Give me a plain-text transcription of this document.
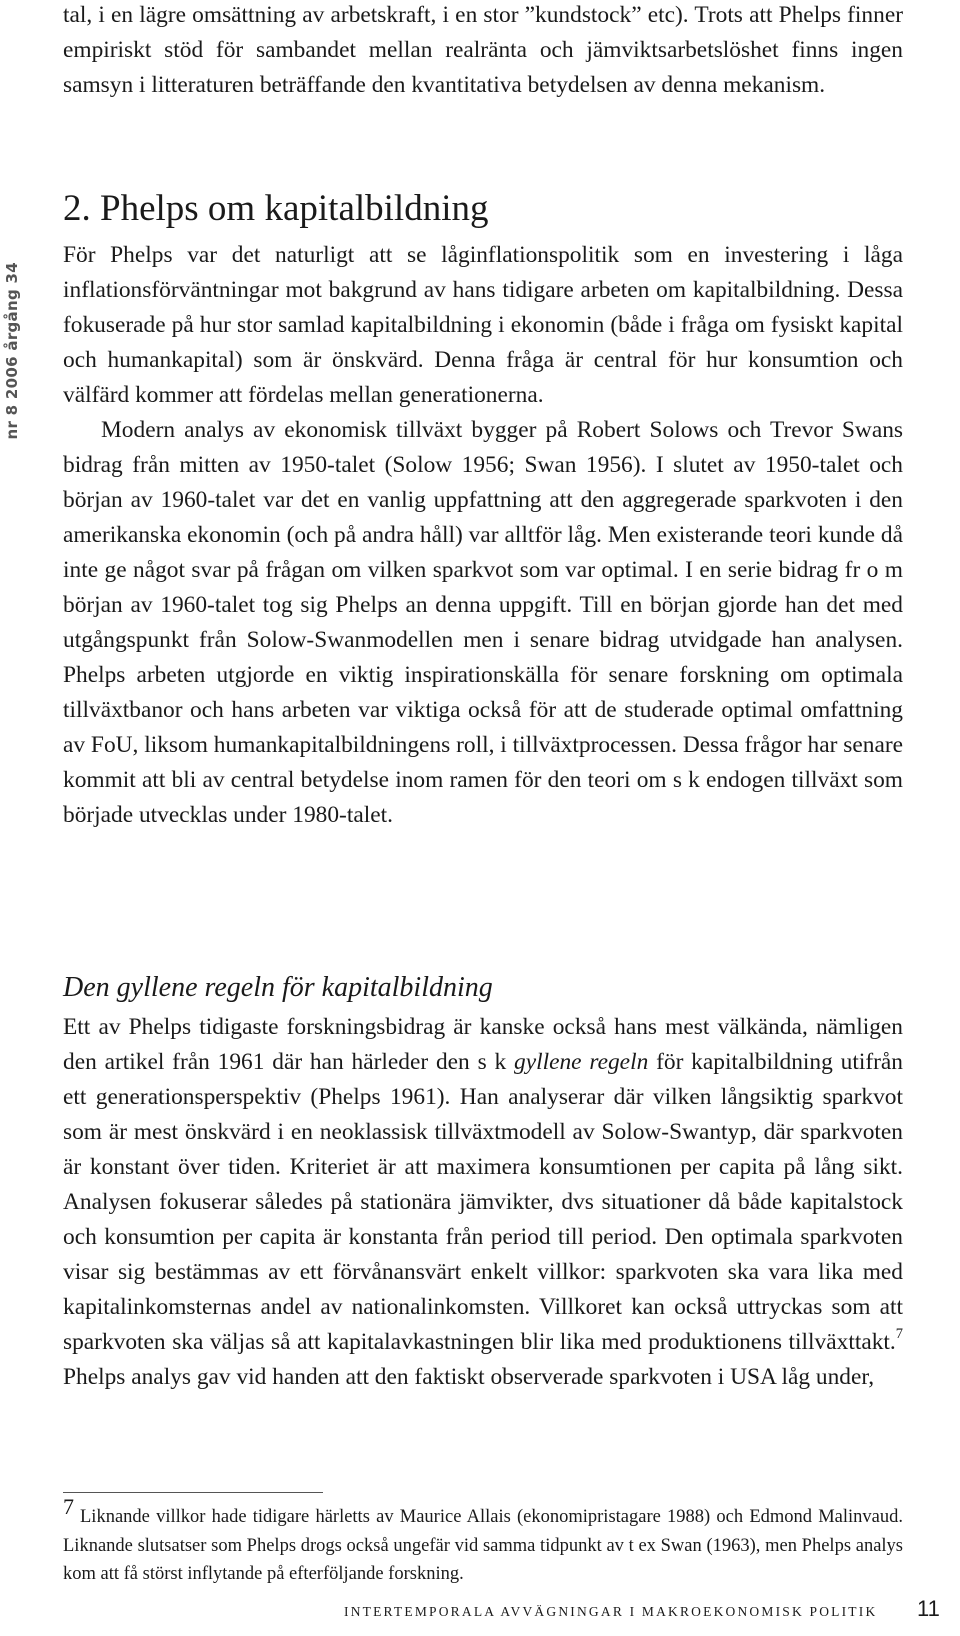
nr 8 2006 årgång 34

tal, i en lägre omsättning av arbetskraft, i en stor ”kundstock” etc). Trots att Phelps finner empiriskt stöd för sambandet mellan realränta och jämviktsarbetslöshet finns ingen samsyn i litteraturen beträffande den kvantitativa betydelsen av denna mekanism.

2. Phelps om kapitalbildning

För Phelps var det naturligt att se låginflationspolitik som en investering i låga inflationsförväntningar mot bakgrund av hans tidigare arbeten om kapitalbildning. Dessa fokuserade på hur stor samlad kapitalbildning i ekonomin (både i fråga om fysiskt kapital och humankapital) som är önskvärd. Denna fråga är central för hur konsumtion och välfärd kommer att fördelas mellan generationerna.

Modern analys av ekonomisk tillväxt bygger på Robert Solows och Trevor Swans bidrag från mitten av 1950-talet (Solow 1956; Swan 1956). I slutet av 1950-talet och början av 1960-talet var det en vanlig uppfattning att den aggregerade sparkvoten i den amerikanska ekonomin (och på andra håll) var alltför låg. Men existerande teori kunde då inte ge något svar på frågan om vilken sparkvot som var optimal. I en serie bidrag fr o m början av 1960-talet tog sig Phelps an denna uppgift. Till en början gjorde han det med utgångspunkt från Solow-Swanmodellen men i senare bidrag utvidgade han analysen. Phelps arbeten utgjorde en viktig inspirationskälla för senare forskning om optimala tillväxtbanor och hans arbeten var viktiga också för att de studerade optimal omfattning av FoU, liksom humankapitalbildningens roll, i tillväxtprocessen. Dessa frågor har senare kommit att bli av central betydelse inom ramen för den teori om s k endogen tillväxt som började utvecklas under 1980-talet.

Den gyllene regeln för kapitalbildning

Ett av Phelps tidigaste forskningsbidrag är kanske också hans mest välkända, nämligen den artikel från 1961 där han härleder den s k gyllene regeln för kapitalbildning utifrån ett generationsperspektiv (Phelps 1961). Han analyserar där vilken långsiktig sparkvot som är mest önskvärd i en neoklassisk tillväxtmodell av Solow-Swantyp, där sparkvoten är konstant över tiden. Kriteriet är att maximera konsumtionen per capita på lång sikt. Analysen fokuserar således på stationära jämvikter, dvs situationer då både kapitalstock och konsumtion per capita är konstanta från period till period. Den optimala sparkvoten visar sig bestämmas av ett förvånansvärt enkelt villkor: sparkvoten ska vara lika med kapitalinkomsternas andel av nationalinkomsten. Villkoret kan också uttryckas som att sparkvoten ska väljas så att kapitalavkastningen blir lika med produktionens tillväxttakt.$^7$ Phelps analys gav vid handen att den faktiskt observerade sparkvoten i USA låg under,

7 Liknande villkor hade tidigare härletts av Maurice Allais (ekonomipristagare 1988) och Edmond Malinvaud. Liknande slutsatser som Phelps drogs också ungefär vid samma tidpunkt av t ex Swan (1963), men Phelps analys kom att få störst inflytande på efterföljande forskning.

INTERTEMPORALA AVVÄGNINGAR I MAKROEKONOMISK POLITIK 11
